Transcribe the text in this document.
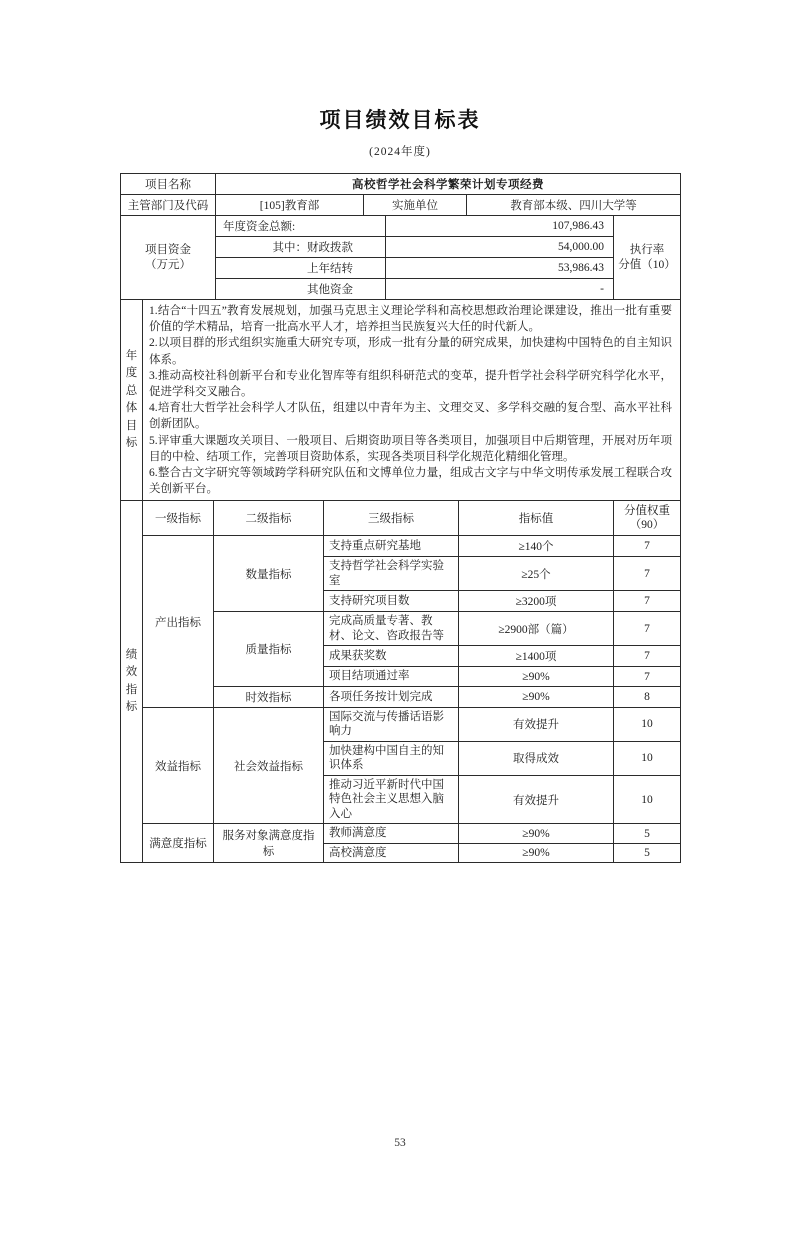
项目绩效目标表
(2024年度)
项目名称	高校哲学社会科学繁荣计划专项经费				
主管部门及代码	[105]教育部	实施单位		教育部本级、四川大学等	

项目资金
（万元）	年度资金总额:		107,986.43		执行率
分值（10）

	其中：财政拨款		54,000.00		
	上年结转		53,986.43		
	其他资金		-		
年度总体目标

1.结合“十四五”教育发展规划，加强马克思主义理论学科和高校思想政治理论课建设，推出一批有重要价值的学术精品，培育一批高水平人才，培养担当民族复兴大任的时代新人。

2.以项目群的形式组织实施重大研究专项，形成一批有分量的研究成果，加快建构中国特色的自主知识体系。

3.推动高校社科创新平台和专业化智库等有组织科研范式的变革，提升哲学社会科学研究科学化水平，促进学科交叉融合。

4.培育壮大哲学社会科学人才队伍，组建以中青年为主、文理交叉、多学科交融的复合型、高水平社科创新团队。

5.评审重大课题攻关项目、一般项目、后期资助项目等各类项目，加强项目中后期管理，开展对历年项目的中检、结项工作，完善项目资助体系，实现各类项目科学化规范化精细化管理。

6.整合古文字研究等领域跨学科研究队伍和文博单位力量，组成古文字与中华文明传承发展工程联合攻关创新平台。

绩效指标	一级指标	二级指标	三级指标	指标值	分值权重
（90）

	产出指标	数量指标	支持重点研究基地	≥140个	7
			支持哲学社会科学实验室	≥25个	7
			支持研究项目数	≥3200项	7
		质量指标	完成高质量专著、教材、论文、咨政报告等	≥2900部（篇）	7
			成果获奖数	≥1400项	7
			项目结项通过率	≥90%	7
		时效指标	各项任务按计划完成	≥90%	8
	效益指标	社会效益指标	国际交流与传播话语影响力	有效提升	10
			加快建构中国自主的知识体系	取得成效	10
			推动习近平新时代中国特色社会主义思想入脑入心	有效提升	10
	满意度指标	服务对象满意度指标	教师满意度	≥90%	5
			高校满意度	≥90%	5
53
